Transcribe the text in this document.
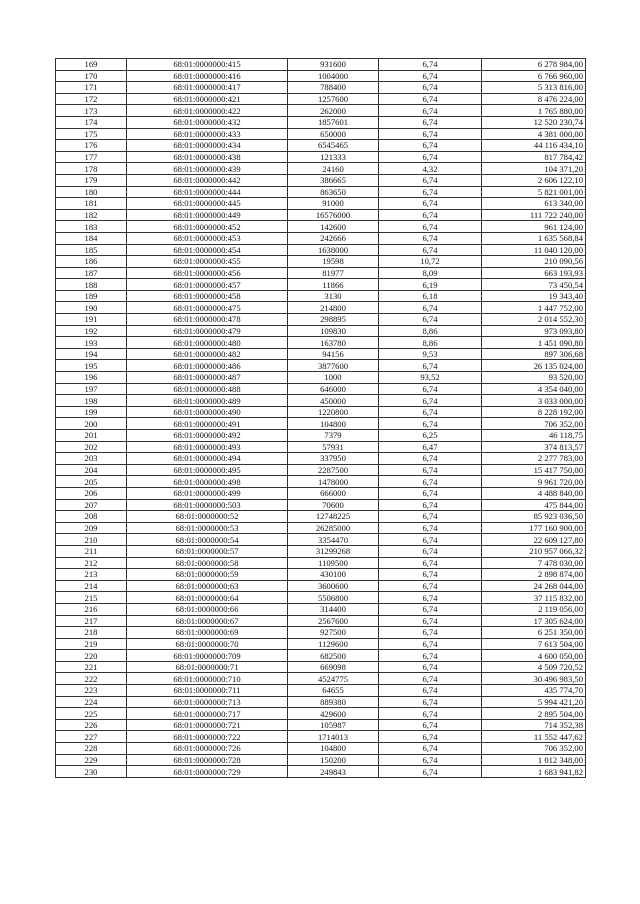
169	68:01:0000000:415	931600	6,74	6 278 984,00
170	68:01:0000000:416	1004000	6,74	6 766 960,00
171	68:01:0000000:417	788400	6,74	5 313 816,00
172	68:01:0000000:421	1257600	6,74	8 476 224,00
173	68:01:0000000:422	262000	6,74	1 765 880,00
174	68:01:0000000:432	1857601	6,74	12 520 230,74
175	68:01:0000000:433	650000	6,74	4 381 000,00
176	68:01:0000000:434	6545465	6,74	44 116 434,10
177	68:01:0000000:438	121333	6,74	817 784,42
178	68:01:0000000:439	24160	4,32	104 371,20
179	68:01:0000000:442	386665	6,74	2 606 122,10
180	68:01:0000000:444	863650	6,74	5 821 001,00
181	68:01:0000000:445	91000	6,74	613 340,00
182	68:01:0000000:449	16576000	6,74	111 722 240,00
183	68:01:0000000:452	142600	6,74	961 124,00
184	68:01:0000000:453	242666	6,74	1 635 568,84
185	68:01:0000000:454	1638000	6,74	11 040 120,00
186	68:01:0000000:455	19598	10,72	210 090,56
187	68:01:0000000:456	81977	8,09	663 193,93
188	68:01:0000000:457	11866	6,19	73 450,54
189	68:01:0000000:458	3130	6,18	19 343,40
190	68:01:0000000:475	214800	6,74	1 447 752,00
191	68:01:0000000:478	298895	6,74	2 014 552,30
192	68:01:0000000:479	109830	8,86	973 093,80
193	68:01:0000000:480	163780	8,86	1 451 090,80
194	68:01:0000000:482	94156	9,53	897 306,68
195	68:01:0000000:486	3877600	6,74	26 135 024,00
196	68:01:0000000:487	1000	93,52	93 520,00
197	68:01:0000000:488	646000	6,74	4 354 040,00
198	68:01:0000000:489	450000	6,74	3 033 000,00
199	68:01:0000000:490	1220800	6,74	8 228 192,00
200	68:01:0000000:491	104800	6,74	706 352,00
201	68:01:0000000:492	7379	6,25	46 118,75
202	68:01:0000000:493	57931	6,47	374 813,57
203	68:01:0000000:494	337950	6,74	2 277 783,00
204	68:01:0000000:495	2287500	6,74	15 417 750,00
205	68:01:0000000:498	1478000	6,74	9 961 720,00
206	68:01:0000000:499	666000	6,74	4 488 840,00
207	68:01:0000000:503	70600	6,74	475 844,00
208	68:01:0000000:52	12748225	6,74	85 923 036,50
209	68:01:0000000:53	26285000	6,74	177 160 900,00
210	68:01:0000000:54	3354470	6,74	22 609 127,80
211	68:01:0000000:57	31299268	6,74	210 957 066,32
212	68:01:0000000:58	1109500	6,74	7 478 030,00
213	68:01:0000000:59	430100	6,74	2 898 874,00
214	68:01:0000000:63	3600600	6,74	24 268 044,00
215	68:01:0000000:64	5506800	6,74	37 115 832,00
216	68:01:0000000:66	314400	6,74	2 119 056,00
217	68:01:0000000:67	2567600	6,74	17 305 624,00
218	68:01:0000000:69	927500	6,74	6 251 350,00
219	68:01:0000000:70	1129600	6,74	7 613 504,00
220	68:01:0000000:709	682500	6,74	4 600 050,00
221	68:01:0000000:71	669098	6,74	4 509 720,52
222	68:01:0000000:710	4524775	6,74	30 496 983,50
223	68:01:0000000:711	64655	6,74	435 774,70
224	68:01:0000000:713	889380	6,74	5 994 421,20
225	68:01:0000000:717	429600	6,74	2 895 504,00
226	68:01:0000000:721	105987	6,74	714 352,38
227	68:01:0000000:722	1714013	6,74	11 552 447,62
228	68:01:0000000:726	104800	6,74	706 352,00
229	68:01:0000000:728	150200	6,74	1 012 348,00
230	68:01:0000000:729	249843	6,74	1 683 941,82
